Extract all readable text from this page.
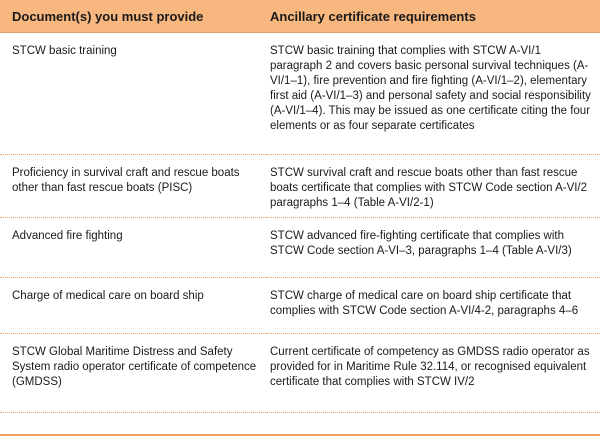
Document(s) you must provide	Ancillary certificate requirements
STCW basic training	STCW basic training that complies with STCW A-VI/1 paragraph 2 and covers basic personal survival techniques (A-VI/1–1), fire prevention and fire fighting (A-VI/1–2), elementary first aid (A-VI/1–3) and personal safety and social responsibility (A-VI/1–4). This may be issued as one certificate citing the four elements or as four separate certificates
Proficiency in survival craft and rescue boats other than fast rescue boats (PISC)	STCW survival craft and rescue boats other than fast rescue boats certificate that complies with STCW Code section A-VI/2 paragraphs 1–4 (Table A-VI/2-1)
Advanced fire fighting	STCW advanced fire-fighting certificate that complies with STCW Code section A-VI–3, paragraphs 1–4 (Table A-VI/3)
Charge of medical care on board ship	STCW charge of medical care on board ship certificate that complies with STCW Code section A-VI/4-2, paragraphs 4–6
STCW Global Maritime Distress and Safety System radio operator certificate of competence (GMDSS)	Current certificate of competency as GMDSS radio operator as provided for in Maritime Rule 32.114, or recognised equivalent certificate that complies with STCW IV/2
